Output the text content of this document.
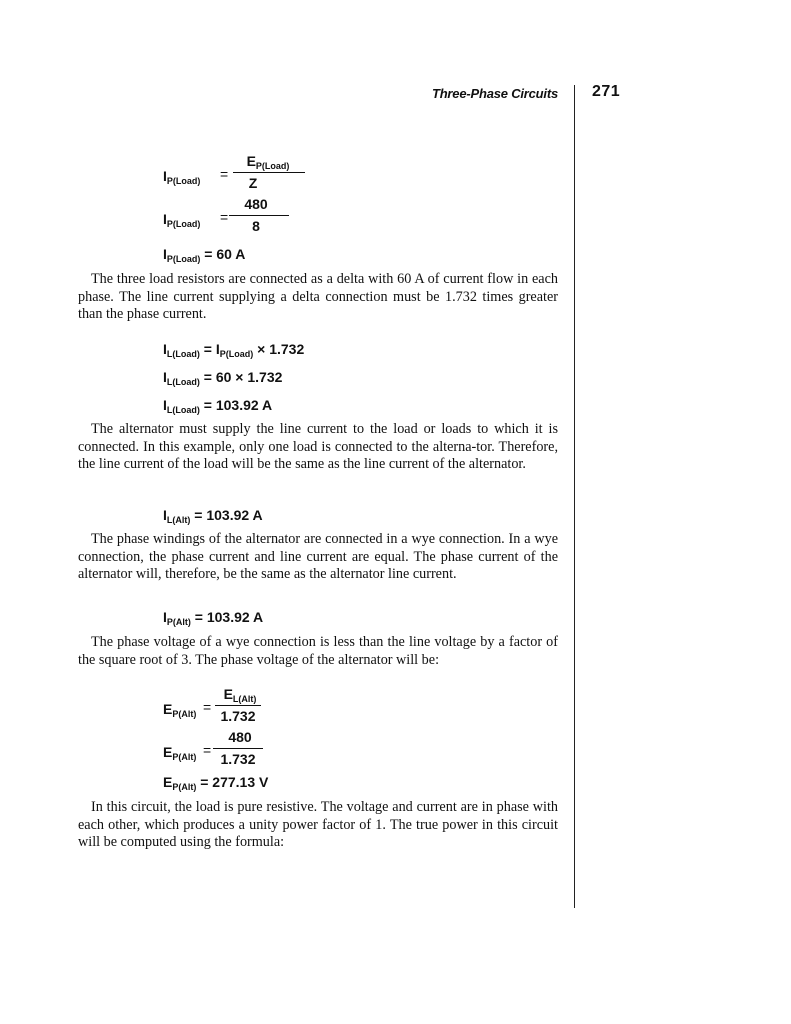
Three-Phase Circuits 271
$I_{P(Load)}$ =
$E_{P(Load)}$
Z
$I_{P(Load)}$ =
480
8
$I_{P(Load)} = 60$ A

The three load resistors are connected as a delta with 60 A of current flow in each phase. The line current supplying a delta connection must be 1.732 times greater than the phase current.

$I_{L(Load)} = I_{P(Load)} \times 1.732$
$I_{L(Load)} = 60 \times 1.732$
$I_{L(Load)} = 103.92$ A

The alternator must supply the line current to the load or loads to which it is connected. In this example, only one load is connected to the alterna-tor. Therefore, the line current of the load will be the same as the line current of the alternator.

$I_{L(Alt)} = 103.92$ A

The phase windings of the alternator are connected in a wye connection. In a wye connection, the phase current and line current are equal. The phase current of the alternator will, therefore, be the same as the alternator line current.

$I_{P(Alt)} = 103.92$ A

The phase voltage of a wye connection is less than the line voltage by a factor of the square root of 3. The phase voltage of the alternator will be:

$E_{P(Alt)}$ =
$E_{L(Alt)}$
1.732
$E_{P(Alt)}$ =
480
1.732
$E_{P(Alt)} = 277.13$ V

In this circuit, the load is pure resistive. The voltage and current are in phase with each other, which produces a unity power factor of 1. The true power in this circuit will be computed using the formula:
